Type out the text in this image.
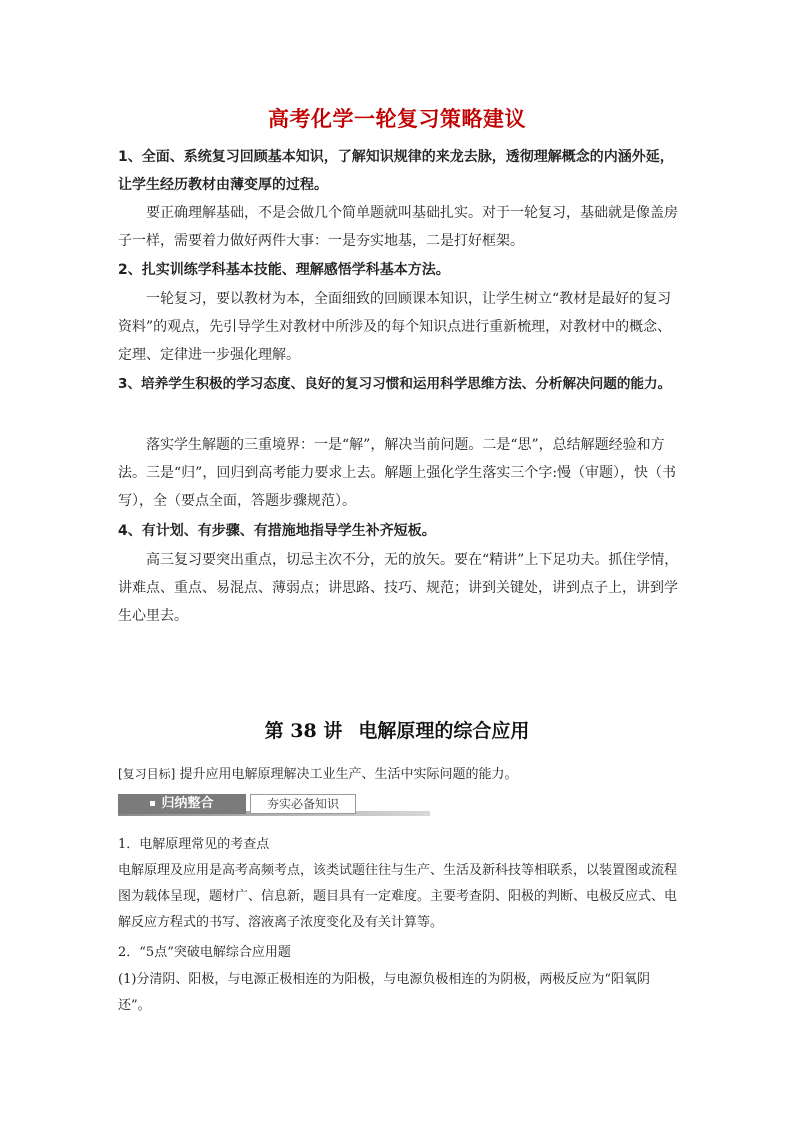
高考化学一轮复习策略建议

1、全面、系统复习回顾基本知识，了解知识规律的来龙去脉，透彻理解概念的内涵外延，让学生经历教材由薄变厚的过程。

要正确理解基础，不是会做几个简单题就叫基础扎实。对于一轮复习，基础就是像盖房子一样，需要着力做好两件大事：一是夯实地基，二是打好框架。

2、扎实训练学科基本技能、理解感悟学科基本方法。

一轮复习，要以教材为本，全面细致的回顾课本知识，让学生树立“教材是最好的复习资料”的观点，先引导学生对教材中所涉及的每个知识点进行重新梳理，对教材中的概念、定理、定律进一步强化理解。

3、培养学生积极的学习态度、良好的复习习惯和运用科学思维方法、分析解决问题的能力。

落实学生解题的三重境界：一是“解”，解决当前问题。二是“思”，总结解题经验和方法。三是“归”，回归到高考能力要求上去。解题上强化学生落实三个字:慢（审题），快（书写），全（要点全面，答题步骤规范）。

4、有计划、有步骤、有措施地指导学生补齐短板。

高三复习要突出重点，切忌主次不分，无的放矢。要在“精讲”上下足功夫。抓住学情，讲难点、重点、易混点、薄弱点；讲思路、技巧、规范；讲到关键处，讲到点子上，讲到学生心里去。

第 38 讲 电解原理的综合应用
[复习目标] 提升应用电解原理解决工业生产、生活中实际问题的能力。
归纳整合	夯实必备知识

1．电解原理常见的考查点

电解原理及应用是高考高频考点，该类试题往往与生产、生活及新科技等相联系，以装置图或流程图为载体呈现，题材广、信息新，题目具有一定难度。主要考查阴、阳极的判断、电极反应式、电解反应方程式的书写、溶液离子浓度变化及有关计算等。

2．“5点”突破电解综合应用题

(1)分清阴、阳极，与电源正极相连的为阳极，与电源负极相连的为阴极，两极反应为“阳氧阴还”。
